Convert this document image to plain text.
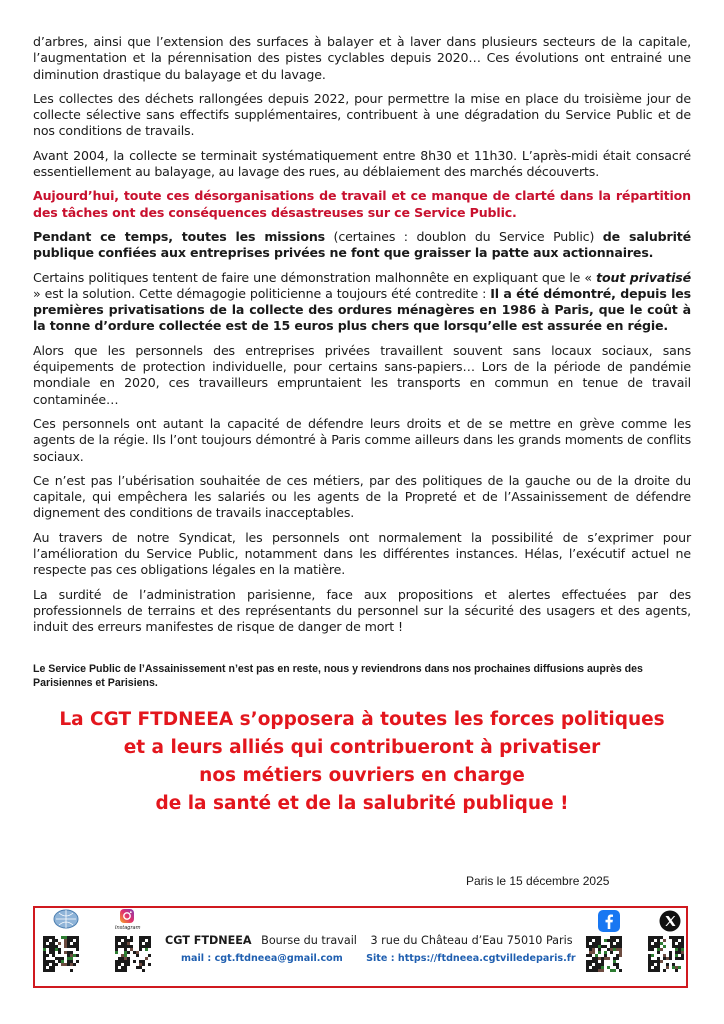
d’arbres, ainsi que l’extension des surfaces à balayer et à laver dans plusieurs secteurs de la capitale, l’augmentation et la pérennisation des pistes cyclables depuis 2020… Ces évolutions ont entrainé une diminution drastique du balayage et du lavage.

Les collectes des déchets rallongées depuis 2022, pour permettre la mise en place du troisième jour de collecte sélective sans effectifs supplémentaires, contribuent à une dégradation du Service Public et de nos conditions de travails.

Avant 2004, la collecte se terminait systématiquement entre 8h30 et 11h30. L’après-midi était consacré essentiellement au balayage, au lavage des rues, au déblaiement des marchés découverts.

Aujourd’hui, toute ces désorganisations de travail et ce manque de clarté dans la répartition des tâches ont des conséquences désastreuses sur ce Service Public.

Pendant ce temps, toutes les missions (certaines : doublon du Service Public) de salubrité publique confiées aux entreprises privées ne font que graisser la patte aux actionnaires.

Certains politiques tentent de faire une démonstration malhonnête en expliquant que le « tout privatisé » est la solution. Cette démagogie politicienne a toujours été contredite : Il a été démontré, depuis les premières privatisations de la collecte des ordures ménagères en 1986 à Paris, que le coût à la tonne d’ordure collectée est de 15 euros plus chers que lorsqu’elle est assurée en régie.

Alors que les personnels des entreprises privées travaillent souvent sans locaux sociaux, sans équipements de protection individuelle, pour certains sans-papiers… Lors de la période de pandémie mondiale en 2020, ces travailleurs empruntaient les transports en commun en tenue de travail contaminée…

Ces personnels ont autant la capacité de défendre leurs droits et de se mettre en grève comme les agents de la régie. Ils l’ont toujours démontré à Paris comme ailleurs dans les grands moments de conflits sociaux.

Ce n’est pas l’ubérisation souhaitée de ces métiers, par des politiques de la gauche ou de la droite du capitale, qui empêchera les salariés ou les agents de la Propreté et de l’Assainissement de défendre dignement des conditions de travails inacceptables.

Au travers de notre Syndicat, les personnels ont normalement la possibilité de s’exprimer pour l’amélioration du Service Public, notamment dans les différentes instances. Hélas, l’exécutif actuel ne respecte pas ces obligations légales en la matière.

La surdité de l’administration parisienne, face aux propositions et alertes effectuées par des professionnels de terrains et des représentants du personnel sur la sécurité des usagers et des agents, induit des erreurs manifestes de risque de danger de mort !

Le Service Public de l’Assainissement n’est pas en reste, nous y reviendrons dans nos prochaines diffusions auprès des Parisiennes et Parisiens.

La CGT FTDNEEA s’opposera à toutes les forces politiques
et a leurs alliés qui contribueront à privatiser
nos métiers ouvriers en charge
de la santé et de la salubrité publique !

Paris le 15 décembre 2025

Instagram
CGT FTDNEEA Bourse du travail 3 rue du Château d’Eau 75010 Paris
mail : cgt.ftdneea@gmail.com Site : https://ftdneea.cgtvilledeparis.fr
